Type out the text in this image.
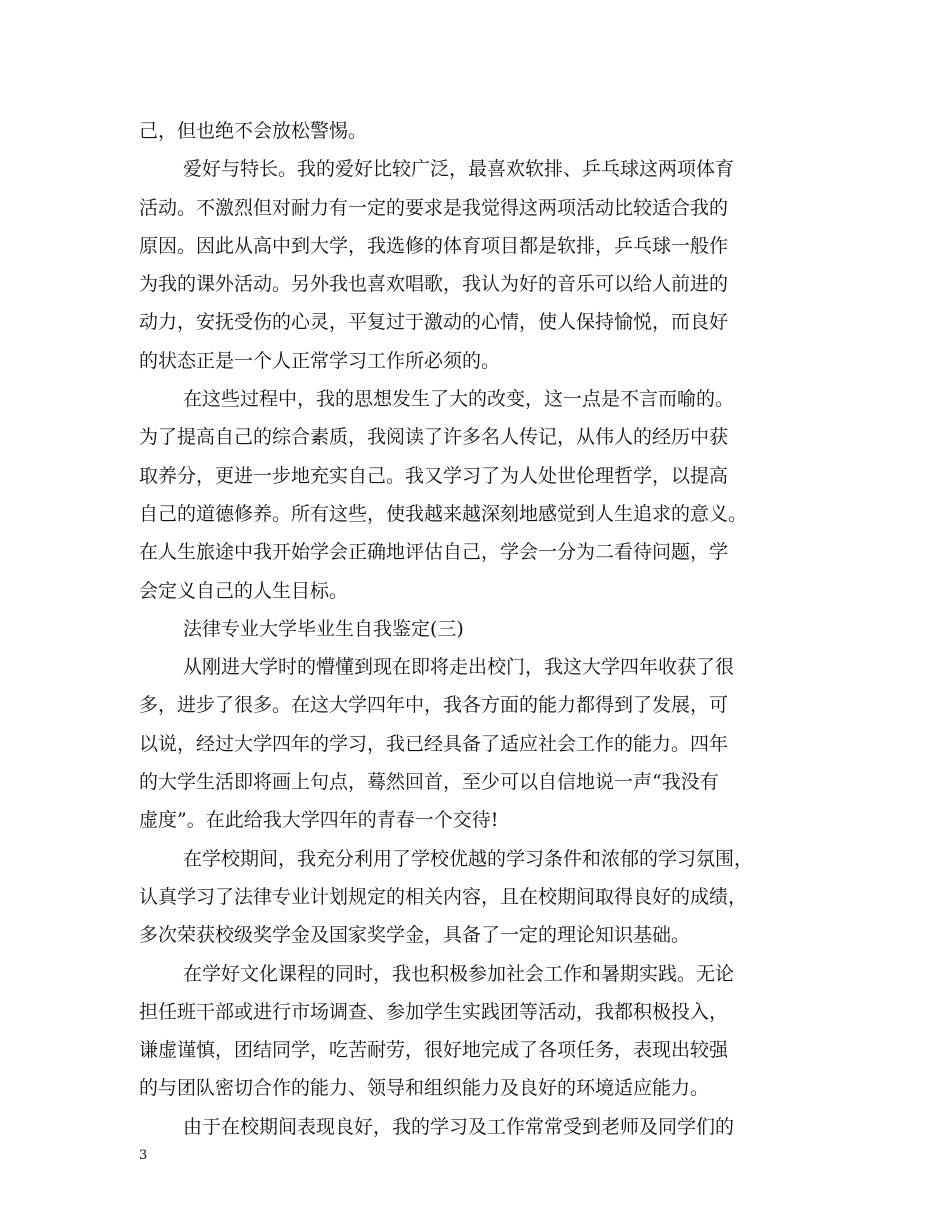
己，但也绝不会放松警惕。
爱好与特长。我的爱好比较广泛，最喜欢软排、乒乓球这两项体育
活动。不激烈但对耐力有一定的要求是我觉得这两项活动比较适合我的
原因。因此从高中到大学，我选修的体育项目都是软排，乒乓球一般作
为我的课外活动。另外我也喜欢唱歌，我认为好的音乐可以给人前进的
动力，安抚受伤的心灵，平复过于激动的心情，使人保持愉悦，而良好
的状态正是一个人正常学习工作所必须的。
在这些过程中，我的思想发生了大的改变，这一点是不言而喻的。
为了提高自己的综合素质，我阅读了许多名人传记，从伟人的经历中获
取养分，更进一步地充实自己。我又学习了为人处世伦理哲学，以提高
自己的道德修养。所有这些，使我越来越深刻地感觉到人生追求的意义。
在人生旅途中我开始学会正确地评估自己，学会一分为二看待问题，学
会定义自己的人生目标。
法律专业大学毕业生自我鉴定(三)
从刚进大学时的懵懂到现在即将走出校门，我这大学四年收获了很
多，进步了很多。在这大学四年中，我各方面的能力都得到了发展，可
以说，经过大学四年的学习，我已经具备了适应社会工作的能力。四年
的大学生活即将画上句点，蓦然回首，至少可以自信地说一声“我没有
虚度”。在此给我大学四年的青春一个交待!
在学校期间，我充分利用了学校优越的学习条件和浓郁的学习氛围，
认真学习了法律专业计划规定的相关内容，且在校期间取得良好的成绩，
多次荣获校级奖学金及国家奖学金，具备了一定的理论知识基础。
在学好文化课程的同时，我也积极参加社会工作和暑期实践。无论
担任班干部或进行市场调查、参加学生实践团等活动，我都积极投入，
谦虚谨慎，团结同学，吃苦耐劳，很好地完成了各项任务，表现出较强
的与团队密切合作的能力、领导和组织能力及良好的环境适应能力。
由于在校期间表现良好，我的学习及工作常常受到老师及同学们的
3
